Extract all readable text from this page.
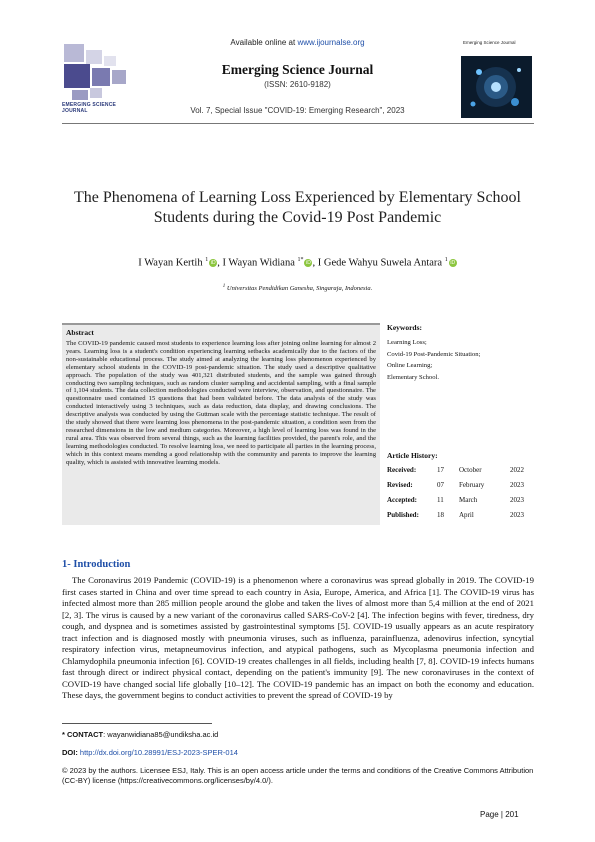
Available online at www.ijournalse.org
Emerging Science Journal
(ISSN: 2610-9182)
Vol. 7, Special Issue "COVID-19: Emerging Research", 2023
EMERGING SCIENCE JOURNAL
Emerging Science Journal
The Phenomena of Learning Loss Experienced by Elementary School Students during the Covid-19 Post Pandemic
I Wayan Kertih $^1$iD , I Wayan Widiana $^{1*}$iD , I Gede Wahyu Suwela Antara $^1$iD
$^1$ Universitas Pendidikan Ganesha, Singaraja, Indonesia.
Abstract
The COVID-19 pandemic caused most students to experience learning loss after joining online learning for almost 2 years. Learning loss is a student's condition experiencing learning setbacks academically due to the factors of the non-sustainable educational process. The study aimed at analyzing the learning loss phenomenon experienced by elementary school students in the COVID-19 post-pandemic situation. The study used a descriptive qualitative approach. The population of the study was 401,321 distributed students, and the sample was gained through conducting two sampling techniques, such as random cluster sampling and accidental sampling, with a final sample of 1,104 students. The data collection methodologies conducted were interview, observation, and questionnaire. The questionnaire used contained 15 questions that had been validated before. The data analysis of the study was conducted interactively using 3 techniques, such as data reduction, data display, and drawing conclusions. The descriptive analysis was conducted by using the Guttman scale with the percentage statistic technique. The result of the study showed that there were learning loss phenomena in the post-pandemic situation, a condition seen from the researched dimensions in the low and medium categories. Moreover, a high level of learning loss was found in the rural area. This was observed from several things, such as the learning facilities provided, the parent's role, and the learning methodologies conducted. To resolve learning loss, we need to participate all parties in the learning process, which in this context means mending a good relationship with the community and parents to improve the learning quality, which is assisted with innovative learning models.
Keywords:
Learning Loss;
Covid-19 Post-Pandemic Situation;
Online Learning;
Elementary School.
Article History:
Received:	17 October	2022
Revised:	07 February	2023
Accepted:	11 March	2023
Published:	18 April	2023
1- Introduction
The Coronavirus 2019 Pandemic (COVID-19) is a phenomenon where a coronavirus was spread globally in 2019. The COVID-19 first cases started in China and over time spread to each country in Asia, Europe, America, and Africa [1]. The COVID-19 virus has infected almost more than 285 million people around the globe and taken the lives of almost more than 5,4 million at the end of 2021 [2, 3]. The virus is caused by a new variant of the coronavirus called SARS-CoV-2 [4]. The infection begins with fever, tiredness, dry cough, and dyspnea and is sometimes assisted by gastrointestinal symptoms [5]. COVID-19 usually appears as an acute respiratory tract infection and is diagnosed mostly with pneumonia viruses, such as influenza, parainfluenza, adenovirus infection, syncytial respiratory infection virus, metapneumovirus infection, and atypical pathogens, such as Mycoplasma pneumonia infection and Chlamydophila pneumonia infection [6]. COVID-19 creates challenges in all fields, including health [7, 8]. COVID-19 infects humans fast through direct or indirect physical contact, depending on the patient's immunity [9]. The new coronaviruses in the context of COVID-19 have changed social life globally [10–12]. The COVID-19 pandemic has an impact on both the economy and education. These days, the government begins to conduct activities to prevent the spread of COVID-19 by
* CONTACT: wayanwidiana85@undiksha.ac.id
DOI: http://dx.doi.org/10.28991/ESJ-2023-SPER-014
© 2023 by the authors. Licensee ESJ, Italy. This is an open access article under the terms and conditions of the Creative Commons Attribution (CC-BY) license (https://creativecommons.org/licenses/by/4.0/).
Page | 201
